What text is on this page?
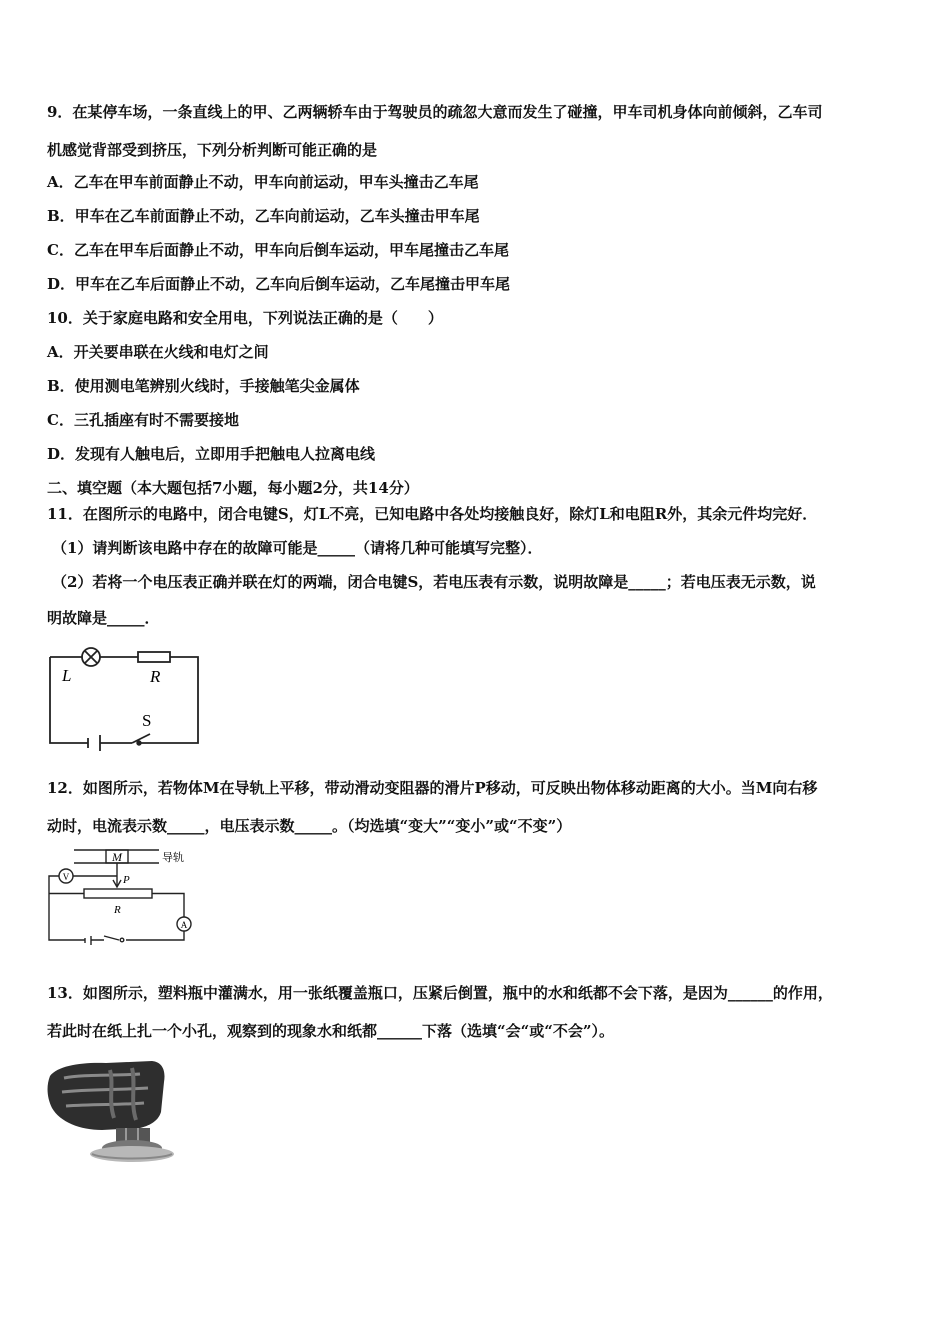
9．在某停车场，一条直线上的甲、乙两辆轿车由于驾驶员的疏忽大意而发生了碰撞，甲车司机身体向前倾斜，乙车司
机感觉背部受到挤压，下列分析判断可能正确的是
A．乙车在甲车前面静止不动，甲车向前运动，甲车头撞击乙车尾
B．甲车在乙车前面静止不动，乙车向前运动，乙车头撞击甲车尾
C．乙车在甲车后面静止不动，甲车向后倒车运动，甲车尾撞击乙车尾
D．甲车在乙车后面静止不动，乙车向后倒车运动，乙车尾撞击甲车尾
10．关于家庭电路和安全用电，下列说法正确的是（　　）
A．开关要串联在火线和电灯之间
B．使用测电笔辨别火线时，手接触笔尖金属体
C．三孔插座有时不需要接地
D．发现有人触电后，立即用手把触电人拉离电线
二、填空题（本大题包括7小题，每小题2分，共14分）
11．在图所示的电路中，闭合电键S，灯L不亮，已知电路中各处均接触良好，除灯L和电阻R外，其余元件均完好．
（1）请判断该电路中存在的故障可能是_____（请将几种可能填写完整）．
（2）若将一个电压表正确并联在灯的两端，闭合电键S，若电压表有示数，说明故障是_____；若电压表无示数，说
明故障是_____．
L	R
S
12．如图所示，若物体M在导轨上平移，带动滑动变阻器的滑片P移动，可反映出物体移动距离的大小。当M向右移
动时，电流表示数_____，电压表示数_____。（均选填“变大”“变小”或“不变”）
M	导轨
P
R
V
A
13．如图所示，塑料瓶中灌满水，用一张纸覆盖瓶口，压紧后倒置，瓶中的水和纸都不会下落，是因为______的作用，
若此时在纸上扎一个小孔，观察到的现象水和纸都______下落（选填“会“或“不会”）。
